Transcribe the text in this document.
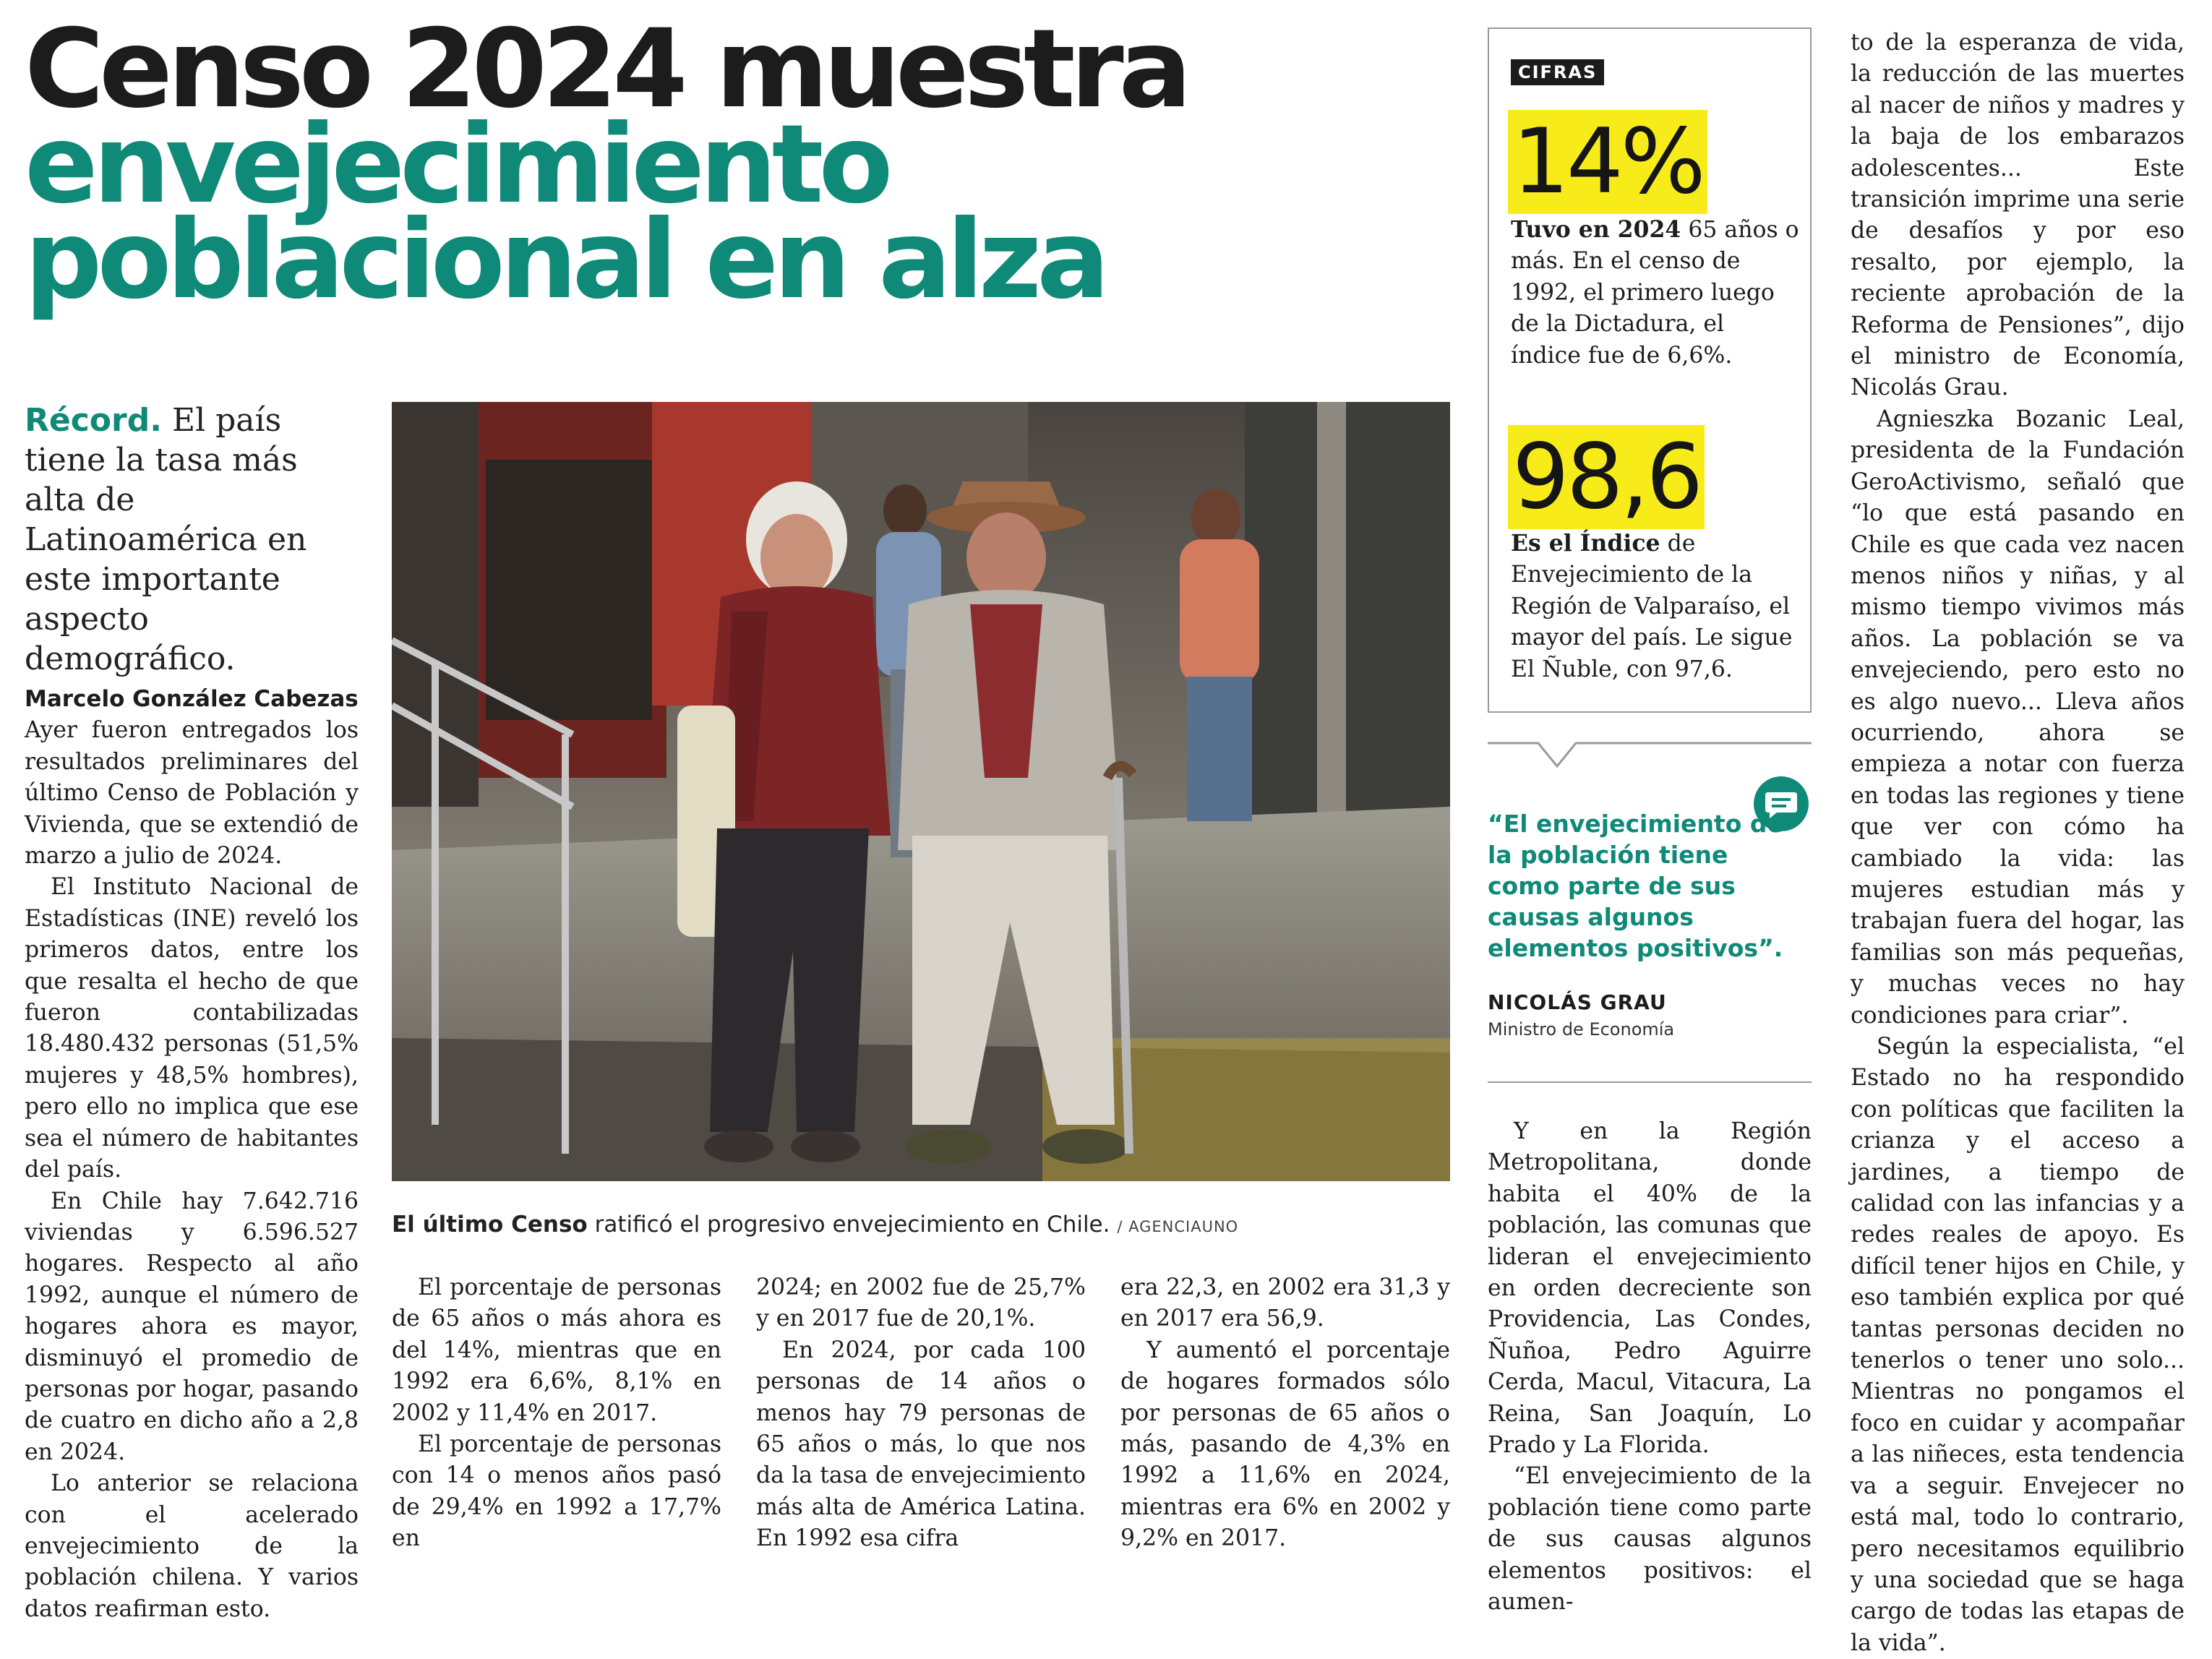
Censo 2024 muestra
envejecimiento
poblacional en alza
Récord. El país tiene la tasa más alta de Latinoamérica en este importante aspecto demográfico.
Marcelo González Cabezas

Ayer fueron entregados los resultados preliminares del último Censo de Población y Vivienda, que se extendió de marzo a julio de 2024.

El Instituto Nacional de Estadísticas (INE) reveló los primeros datos, entre los que resalta el hecho de que fueron contabilizadas 18.480.432 personas (51,5% mujeres y 48,5% hombres), pero ello no implica que ese sea el número de habitantes del país.

En Chile hay 7.642.716 viviendas y 6.596.527 hogares. Respecto al año 1992, aunque el número de hogares ahora es mayor, disminuyó el promedio de personas por hogar, pasando de cuatro en dicho año a 2,8 en 2024.

Lo anterior se relaciona con el acelerado envejecimiento de la población chilena. Y varios datos reafirman esto.

El último Censo ratificó el progresivo envejecimiento en Chile. / AGENCIAUNO

El porcentaje de personas de 65 años o más ahora es del 14%, mientras que en 1992 era 6,6%, 8,1% en 2002 y 11,4% en 2017.

El porcentaje de personas con 14 o menos años pasó de 29,4% en 1992 a 17,7% en

2024; en 2002 fue de 25,7% y en 2017 fue de 20,1%.

En 2024, por cada 100 personas de 14 años o menos hay 79 personas de 65 años o más, lo que nos da la tasa de envejecimiento más alta de América Latina. En 1992 esa cifra

era 22,3, en 2002 era 31,3 y en 2017 era 56,9.

Y aumentó el porcentaje de hogares formados sólo por personas de 65 años o más, pasando de 4,3% en 1992 a 11,6% en 2024, mientras era 6% en 2002 y 9,2% en 2017.

CIFRAS
14%
Tuvo en 2024 65 años o más. En el censo de 1992, el primero luego de la Dictadura, el índice fue de 6,6%.
98,6
Es el Índice de Envejecimiento de la Región de Valparaíso, el mayor del país. Le sigue El Ñuble, con 97,6.
“El envejecimiento de la población tiene como parte de sus causas algunos elementos positivos”.
NICOLÁS GRAU
Ministro de Economía

Y en la Región Metropolitana, donde habita el 40% de la población, las comunas que lideran el envejecimiento en orden decreciente son Providencia, Las Condes, Ñuñoa, Pedro Aguirre Cerda, Macul, Vitacura, La Reina, San Joaquín, Lo Prado y La Florida.

“El envejecimiento de la población tiene como parte de sus causas algunos elementos positivos: el aumen-

to de la esperanza de vida, la reducción de las muertes al nacer de niños y madres y la baja de los embarazos adolescentes... Este transición imprime una serie de desafíos y por eso resalto, por ejemplo, la reciente aprobación de la Reforma de Pensiones”, dijo el ministro de Economía, Nicolás Grau.

Agnieszka Bozanic Leal, presidenta de la Fundación GeroActivismo, señaló que “lo que está pasando en Chile es que cada vez nacen menos niños y niñas, y al mismo tiempo vivimos más años. La población se va envejeciendo, pero esto no es algo nuevo... Lleva años ocurriendo, ahora se empieza a notar con fuerza en todas las regiones y tiene que ver con cómo ha cambiado la vida: las mujeres estudian más y trabajan fuera del hogar, las familias son más pequeñas, y muchas veces no hay condiciones para criar”.

Según la especialista, “el Estado no ha respondido con políticas que faciliten la crianza y el acceso a jardines, a tiempo de calidad con las infancias y a redes reales de apoyo. Es difícil tener hijos en Chile, y eso también explica por qué tantas personas deciden no tenerlos o tener uno solo... Mientras no pongamos el foco en cuidar y acompañar a las niñeces, esta tendencia va a seguir. Envejecer no está mal, todo lo contrario, pero necesitamos equilibrio y una sociedad que se haga cargo de todas las etapas de la vida”.
